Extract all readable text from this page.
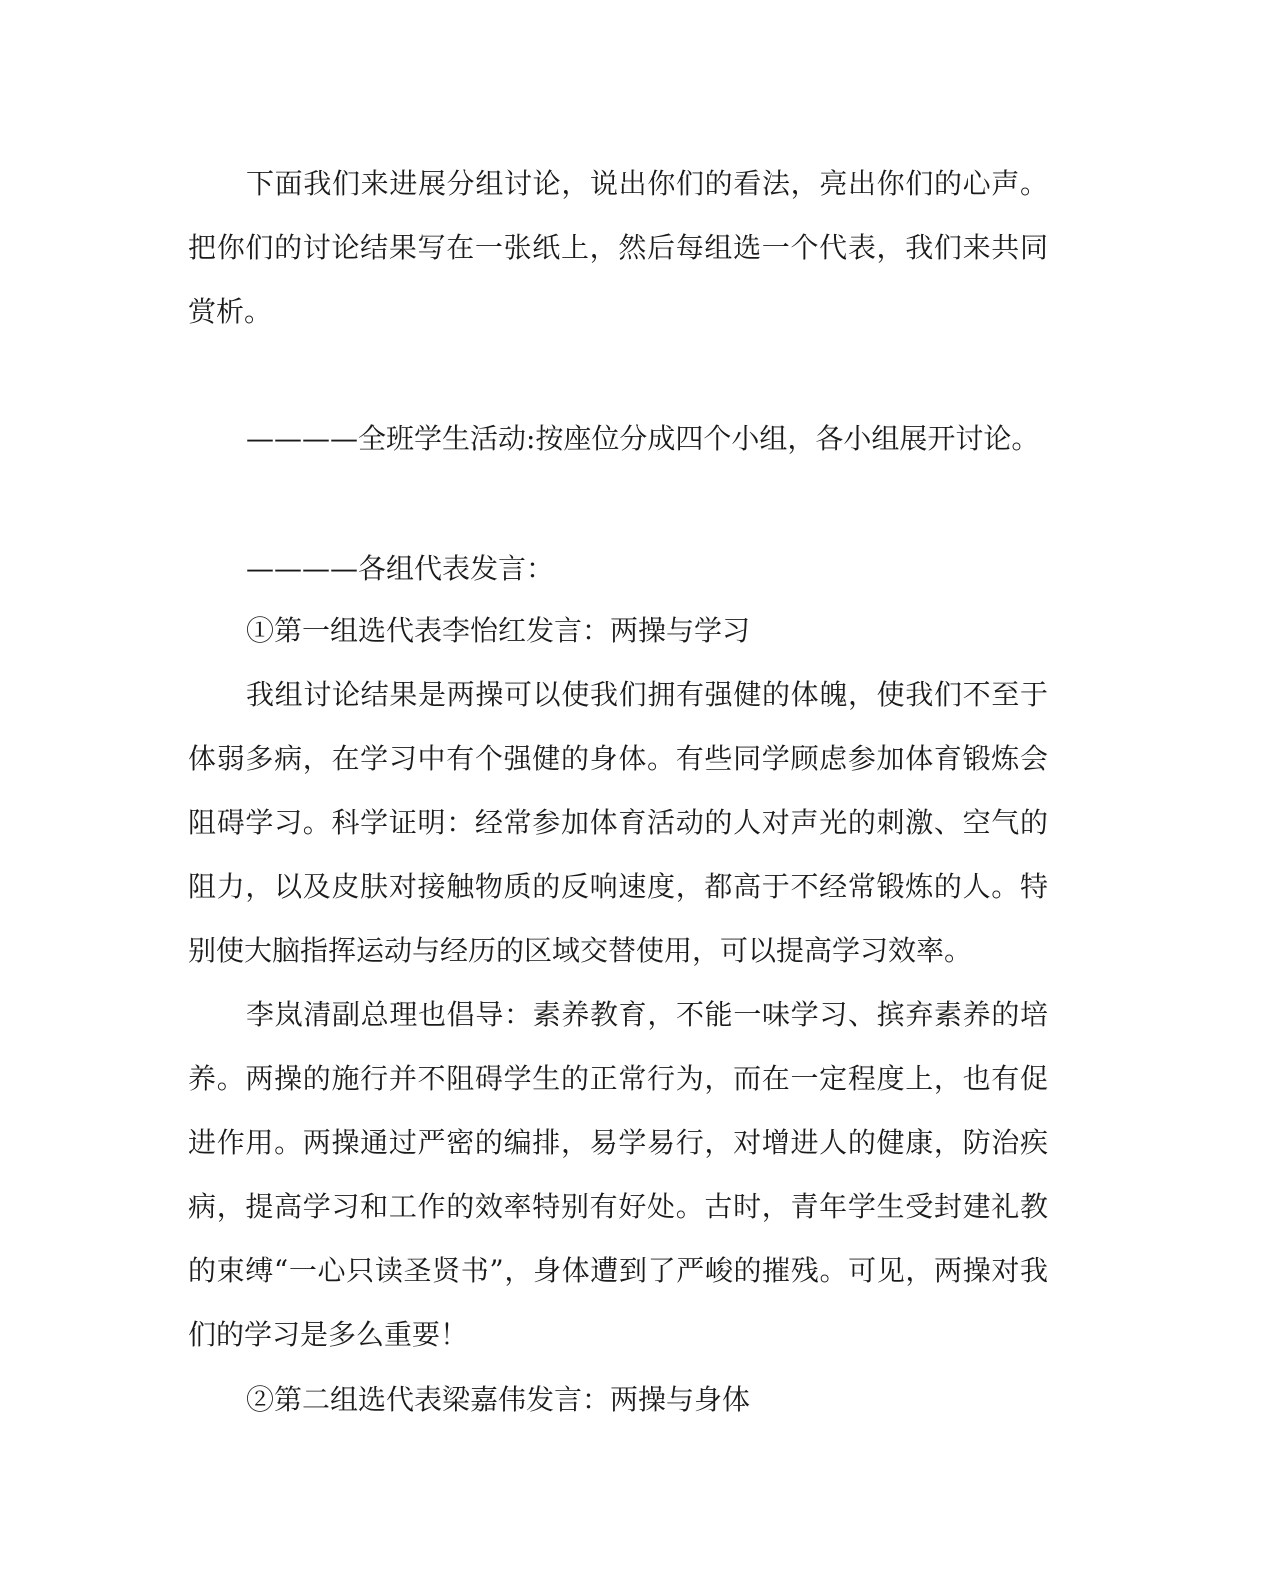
下面我们来进展分组讨论，说出你们的看法，亮出你们的心声。把你们的讨论结果写在一张纸上，然后每组选一个代表，我们来共同赏析。

————全班学生活动:按座位分成四个小组，各小组展开讨论。

————各组代表发言：

①第一组选代表李怡红发言：两操与学习

我组讨论结果是两操可以使我们拥有强健的体魄，使我们不至于体弱多病，在学习中有个强健的身体。有些同学顾虑参加体育锻炼会阻碍学习。科学证明：经常参加体育活动的人对声光的刺激、空气的阻力，以及皮肤对接触物质的反响速度，都高于不经常锻炼的人。特别使大脑指挥运动与经历的区域交替使用，可以提高学习效率。

李岚清副总理也倡导：素养教育，不能一味学习、摈弃素养的培养。两操的施行并不阻碍学生的正常行为，而在一定程度上，也有促进作用。两操通过严密的编排，易学易行，对增进人的健康，防治疾病，提高学习和工作的效率特别有好处。古时，青年学生受封建礼教的束缚“一心只读圣贤书”，身体遭到了严峻的摧残。可见，两操对我们的学习是多么重要！

②第二组选代表梁嘉伟发言：两操与身体
